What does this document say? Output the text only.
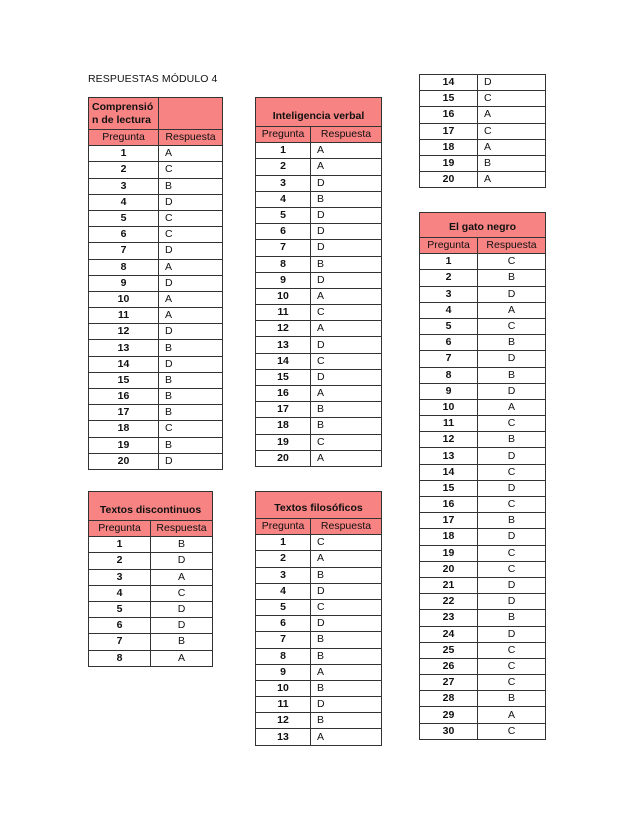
RESPUESTAS MÓDULO 4
Comprensió n de lectura	
Pregunta	Respuesta
1	A
2	C
3	B
4	D
5	C
6	C
7	D
8	A
9	D
10	A
11	A
12	D
13	B
14	D
15	B
16	B
17	B
18	C
19	B
20	D
Inteligencia verbal	
Pregunta	Respuesta
1	A
2	A
3	D
4	B
5	D
6	D
7	D
8	B
9	D
10	A
11	C
12	A
13	D
14	C
15	D
16	A
17	B
18	B
19	C
20	A
14	D
15	C
16	A
17	C
18	A
19	B
20	A
El gato negro	
Pregunta	Respuesta
1	C
2	B
3	D
4	A
5	C
6	B
7	D
8	B
9	D
10	A
11	C
12	B
13	D
14	C
15	D
16	C
17	B
18	D
19	C
20	C
21	D
22	D
23	B
24	D
25	C
26	C
27	C
28	B
29	A
30	C
Textos discontinuos	
Pregunta	Respuesta
1	B
2	D
3	A
4	C
5	D
6	D
7	B
8	A
Textos filosóficos	
Pregunta	Respuesta
1	C
2	A
3	B
4	D
5	C
6	D
7	B
8	B
9	A
10	B
11	D
12	B
13	A
